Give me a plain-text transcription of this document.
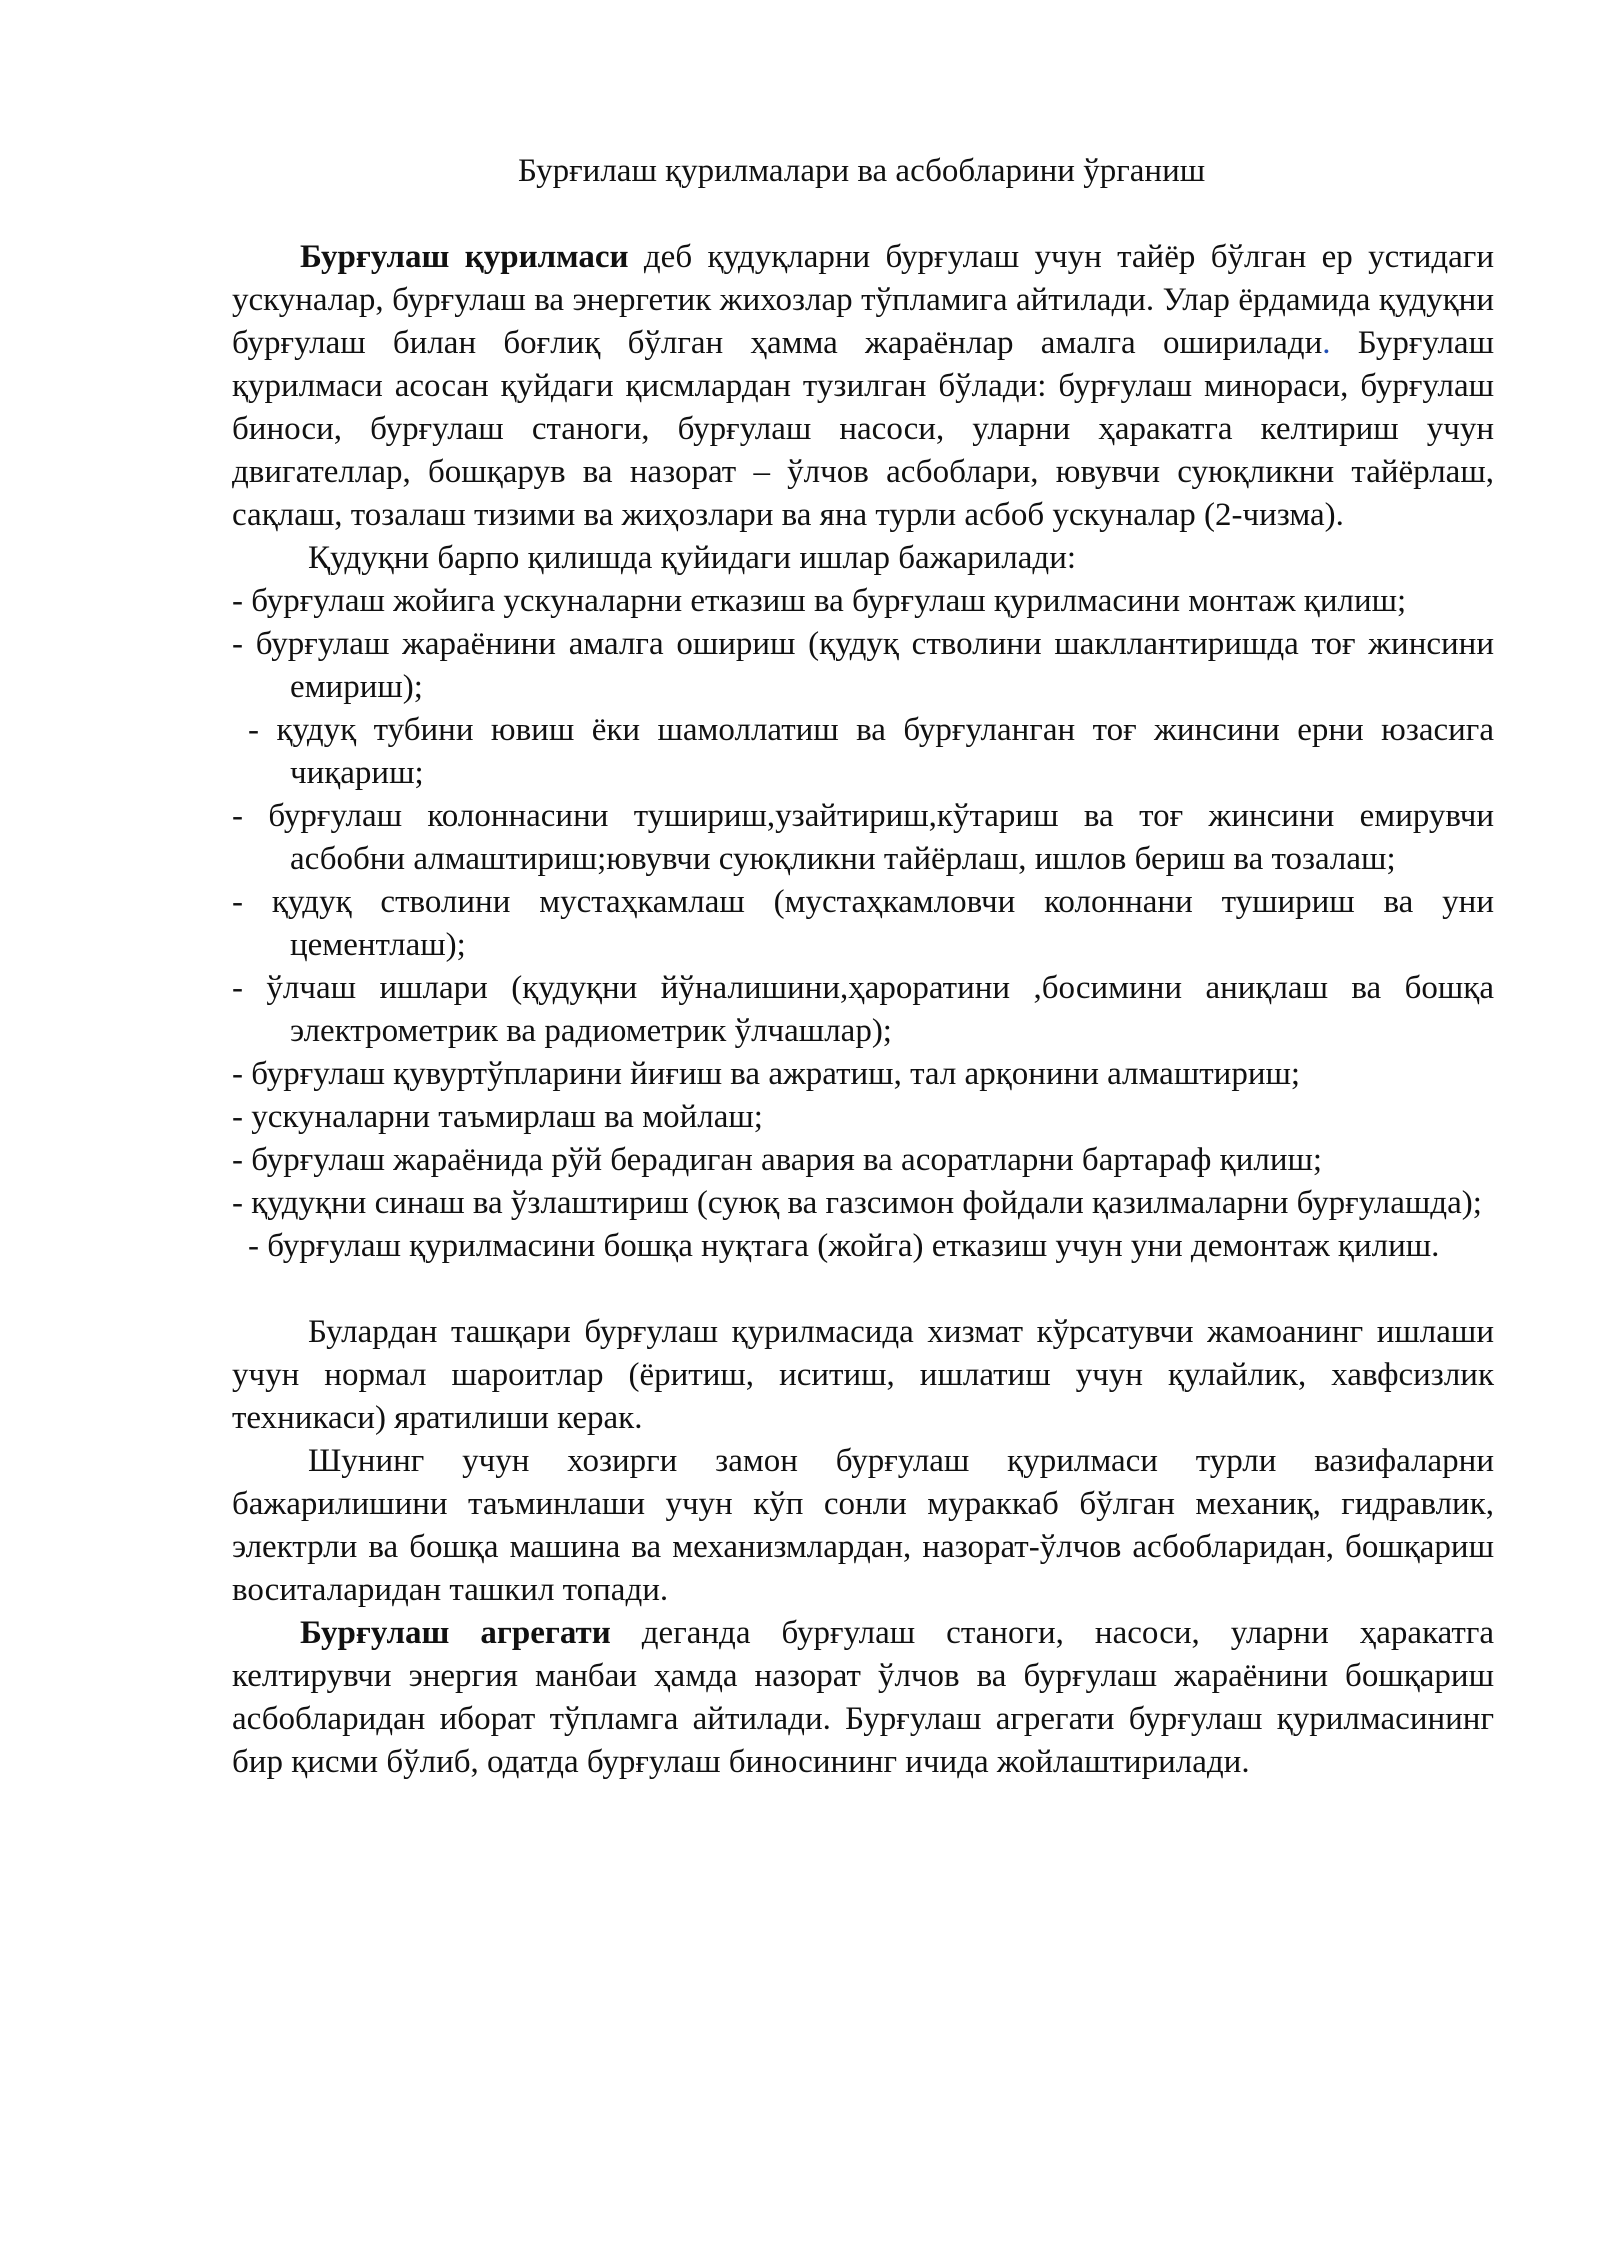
Бурғилаш қурилмалари ва асбобларини ўрганиш

Бурғулаш қурилмаси деб қудуқларни бурғулаш учун тайёр бўлган ер устидаги ускуналар, бурғулаш ва энергетик жихозлар тўпламига айтилади. Улар ёрдамида қудуқни бурғулаш билан боғлиқ бўлган ҳамма жараёнлар амалга оширилади. Бурғулаш қурилмаси асосан қуйдаги қисмлардан тузилган бўлади: бурғулаш минораси, бурғулаш биноси, бурғулаш станоги, бурғулаш насоси, уларни ҳаракатга келтириш учун двигателлар, бошқарув ва назорат – ўлчов асбоблари, ювувчи суюқликни тайёрлаш, сақлаш, тозалаш тизими ва жиҳозлари ва яна турли асбоб ускуналар (2-чизма).

Қудуқни барпо қилишда қуйидаги ишлар бажарилади:

- бурғулаш жойига ускуналарни етказиш ва бурғулаш қурилмасини монтаж қилиш;
- бурғулаш жараёнини амалга ошириш (қудуқ стволини шакллантиришда тоғ жинсини емириш);
- қудуқ тубини ювиш ёки шамоллатиш ва бурғуланган тоғ жинсини ерни юзасига чиқариш;
- бурғулаш колоннасини тушириш,узайтириш,кўтариш ва тоғ жинсини емирувчи асбобни алмаштириш;ювувчи суюқликни тайёрлаш, ишлов бериш ва тозалаш;
- қудуқ стволини мустаҳкамлаш (мустаҳкамловчи колоннани тушириш ва уни цементлаш);
- ўлчаш ишлари (қудуқни йўналишини,ҳароратини ,босимини аниқлаш ва бошқа электрометрик ва радиометрик ўлчашлар);
- бурғулаш қувуртўпларини йиғиш ва ажратиш, тал арқонини алмаштириш;
- ускуналарни таъмирлаш ва мойлаш;
- бурғулаш жараёнида рўй берадиган авария ва асоратларни бартараф қилиш;
- қудуқни синаш ва ўзлаштириш (суюқ ва газсимон фойдали қазилмаларни бурғулашда);
- бурғулаш қурилмасини бошқа нуқтага (жойга) етказиш учун уни демонтаж қилиш.

Булардан ташқари бурғулаш қурилмасида хизмат кўрсатувчи жамоанинг ишлаши учун нормал шароитлар (ёритиш, иситиш, ишлатиш учун қулайлик, хавфсизлик техникаси) яратилиши керак.

Шунинг учун хозирги замон бурғулаш қурилмаси турли вазифаларни бажарилишини таъминлаши учун кўп сонли мураккаб бўлган механиқ, гидравлик, электрли ва бошқа машина ва механизмлардан, назорат-ўлчов асбобларидан, бошқариш воситаларидан ташкил топади.

Бурғулаш агрегати деганда бурғулаш станоги, насоси, уларни ҳаракатга келтирувчи энергия манбаи ҳамда назорат ўлчов ва бурғулаш жараёнини бошқариш асбобларидан иборат тўпламга айтилади. Бурғулаш агрегати бурғулаш қурилмасининг бир қисми бўлиб, одатда бурғулаш биносининг ичида жойлаштирилади.
